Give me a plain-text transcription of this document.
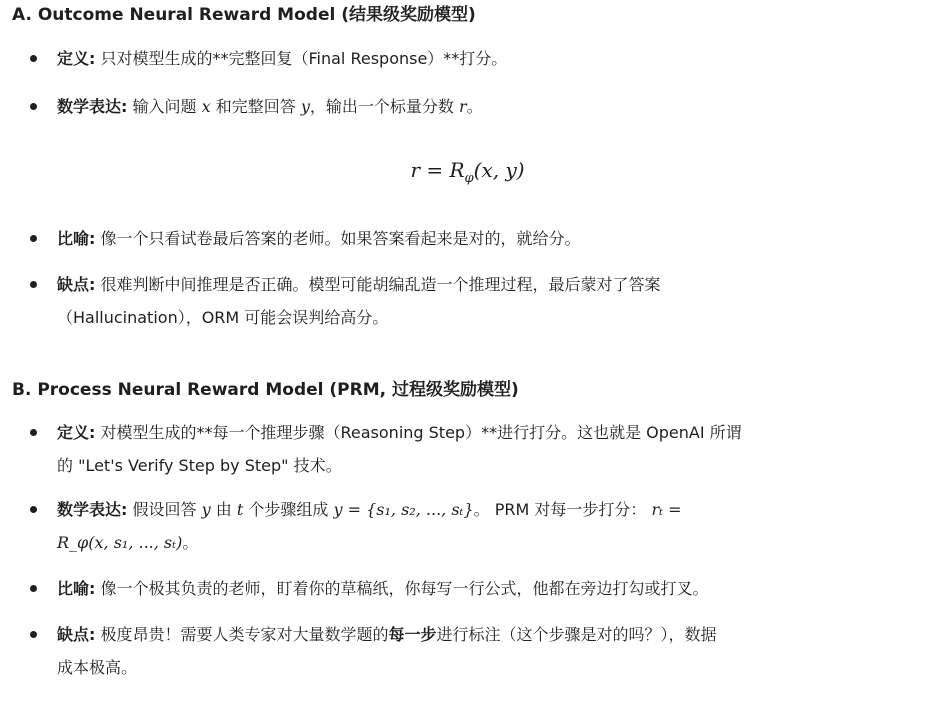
A. Outcome Neural Reward Model (结果级奖励模型)
定义: 只对模型生成的**完整回复（Final Response）**打分。
数学表达: 输入问题 x 和完整回答 y，输出一个标量分数 r。
$r = R_\varphi(x$, y)
比喻: 像一个只看试卷最后答案的老师。如果答案看起来是对的，就给分。
缺点: 很难判断中间推理是否正确。模型可能胡编乱造一个推理过程，最后蒙对了答案
（Hallucination），ORM 可能会误判给高分。
B. Process Neural Reward Model (PRM, 过程级奖励模型)
定义: 对模型生成的**每一个推理步骤（Reasoning Step）**进行打分。这也就是 OpenAI 所谓
的 "Let's Verify Step by Step" 技术。
数学表达: 假设回答 y 由 t 个步骤组成 y = {s₁, s₂, ..., sₜ}。 PRM 对每一步打分： rₜ =
R_φ(x, s₁, ..., sₜ)。
比喻: 像一个极其负责的老师，盯着你的草稿纸，你每写一行公式，他都在旁边打勾或打叉。
缺点: 极度昂贵！需要人类专家对大量数学题的每一步进行标注（这个步骤是对的吗？），数据
成本极高。
